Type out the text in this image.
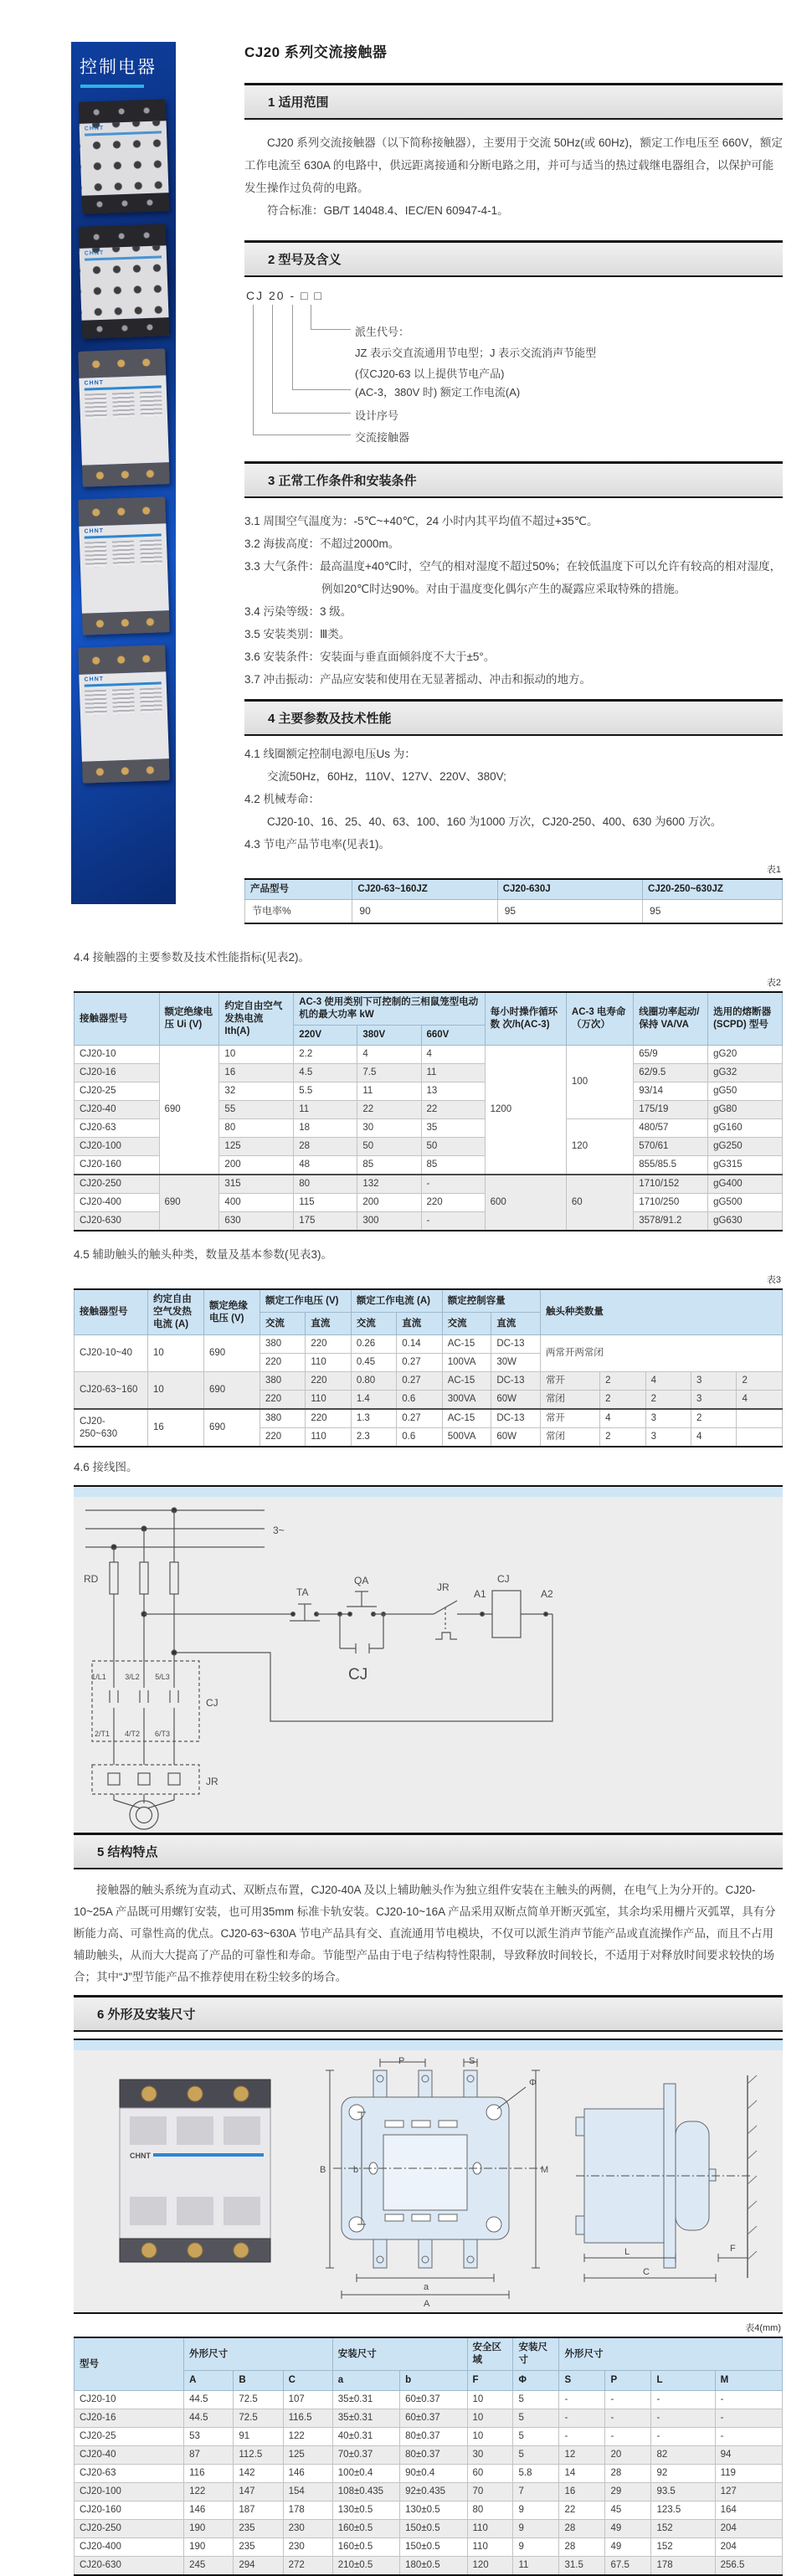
控制电器
CHNT
CHNT
CHNT
CHNT
CHNT
CJ20 系列交流接触器
1 适用范围

CJ20 系列交流接触器（以下简称接触器），主要用于交流 50Hz(或 60Hz)，额定工作电压至 660V，额定工作电流至 630A 的电路中，供远距离接通和分断电路之用，并可与适当的热过载继电器组合，以保护可能发生操作过负荷的电路。

符合标准：GB/T 14048.4、IEC/EN 60947-4-1。

2 型号及含义
CJ 20 - □ □
派生代号：
JZ 表示交直流通用节电型；J 表示交流消声节能型
(仅CJ20-63 以上提供节电产品)
(AC-3，380V 时) 额定工作电流(A)
设计序号
交流接触器
3 正常工作条件和安装条件
3.1 周围空气温度为：-5℃~+40℃，24 小时内其平均值不超过+35℃。
3.2 海拔高度：不超过2000m。
3.3 大气条件：最高温度+40℃时，空气的相对湿度不超过50%；在较低温度下可以允许有较高的相对湿度，例如20℃时达90%。对由于温度变化偶尔产生的凝露应采取特殊的措施。
3.4 污染等级：3 级。
3.5 安装类别：Ⅲ类。
3.6 安装条件：安装面与垂直面倾斜度不大于±5°。
3.7 冲击振动：产品应安装和使用在无显著摇动、冲击和振动的地方。
4 主要参数及技术性能
4.1 线圈额定控制电源电压Us 为：
交流50Hz，60Hz，110V、127V、220V、380V;
4.2 机械寿命：
CJ20-10、16、25、40、63、100、160 为1000 万次，CJ20-250、400、630 为600 万次。
4.3 节电产品节电率(见表1)。
表1
产品型号	CJ20-63~160JZ	CJ20-630J	CJ20-250~630JZ
节电率%	90	95	95
4.4 接触器的主要参数及技术性能指标(见表2)。
表2
接触器型号	额定绝缘电压 Ui (V)	约定自由空气发热电流 Ith(A)	AC-3 使用类别下可控制的三相鼠笼型电动机的最大功率 kW			每小时操作循环数 次/h(AC-3)	AC-3 电寿命（万次）	线圈功率起动/保持 VA/VA	选用的熔断器 (SCPD) 型号
			220V	380V	660V				
CJ20-10	690	10	2.2	4	4	1200	100	65/9	gG20
CJ20-16		16	4.5	7.5	11			62/9.5	gG32
CJ20-25		32	5.5	11	13			93/14	gG50
CJ20-40		55	11	22	22			175/19	gG80
CJ20-63		80	18	30	35		120	480/57	gG160
CJ20-100		125	28	50	50			570/61	gG250
CJ20-160		200	48	85	85			855/85.5	gG315
CJ20-250	690	315	80	132	-	600	60	1710/152	gG400
CJ20-400		400	115	200	220			1710/250	gG500
CJ20-630		630	175	300	-			3578/91.2	gG630
4.5 辅助触头的触头种类，数量及基本参数(见表3)。
表3
接触器型号	约定自由空气发热电流 (A)	额定绝缘电压 (V)	额定工作电压 (V)		额定工作电流 (A)		额定控制容量		触头种类数量				
			交流	直流	交流	直流	交流	直流					
CJ20-10~40	10	690	380	220	0.26	0.14	AC-15	DC-13	两常开两常闭				
			220	110	0.45	0.27	100VA	30W					
CJ20-63~160	10	690	380	220	0.80	0.27	AC-15	DC-13	常开	2	4	3	2
			220	110	1.4	0.6	300VA	60W	常闭	2	2	3	4
CJ20-250~630	16	690	380	220	1.3	0.27	AC-15	DC-13	常开	4	3	2	
			220	110	2.3	0.6	500VA	60W	常闭	2	3	4	
4.6 接线图。
3~
RD
TA
QA
JR
A1
CJ
A2
CJ
CJ
JR
1/L1 3/L2 5/L3
2/T1 4/T2 6/T3
5 结构特点

接触器的触头系统为直动式、双断点布置，CJ20-40A 及以上辅助触头作为独立组件安装在主触头的两侧，在电气上为分开的。CJ20-10~25A 产品既可用螺钉安装，也可用35mm 标准卡轨安装。CJ20-10~16A 产品采用双断点简单开断灭弧室，其余均采用栅片灭弧罩，具有分断能力高、可靠性高的优点。CJ20-63~630A 节电产品具有交、直流通用节电模块，不仅可以派生消声节能产品或直流操作产品，而且不占用辅助触头，从而大大提高了产品的可靠性和寿命。节能型产品由于电子结构特性限制，导致释放时间较长，不适用于对释放时间要求较快的场合；其中“J”型节能产品不推荐使用在粉尘较多的场合。

6 外形及安装尺寸
CHNT
P	S
Φ
B	b	M
a
A
L
C
F
表4(mm)
型号	外形尺寸			安装尺寸		安全区域	安装尺寸	外形尺寸			
	A	B	C	a	b	F	Φ	S	P	L	M
CJ20-10	44.5	72.5	107	35±0.31	60±0.37	10	5	-	-	-	-
CJ20-16	44.5	72.5	116.5	35±0.31	60±0.37	10	5	-	-	-	-
CJ20-25	53	91	122	40±0.31	80±0.37	10	5	-	-	-	-
CJ20-40	87	112.5	125	70±0.37	80±0.37	30	5	12	20	82	94
CJ20-63	116	142	146	100±0.4	90±0.4	60	5.8	14	28	92	119
CJ20-100	122	147	154	108±0.435	92±0.435	70	7	16	29	93.5	127
CJ20-160	146	187	178	130±0.5	130±0.5	80	9	22	45	123.5	164
CJ20-250	190	235	230	160±0.5	150±0.5	110	9	28	49	152	204
CJ20-400	190	235	230	160±0.5	150±0.5	110	9	28	49	152	204
CJ20-630	245	294	272	210±0.5	180±0.5	120	11	31.5	67.5	178	256.5
